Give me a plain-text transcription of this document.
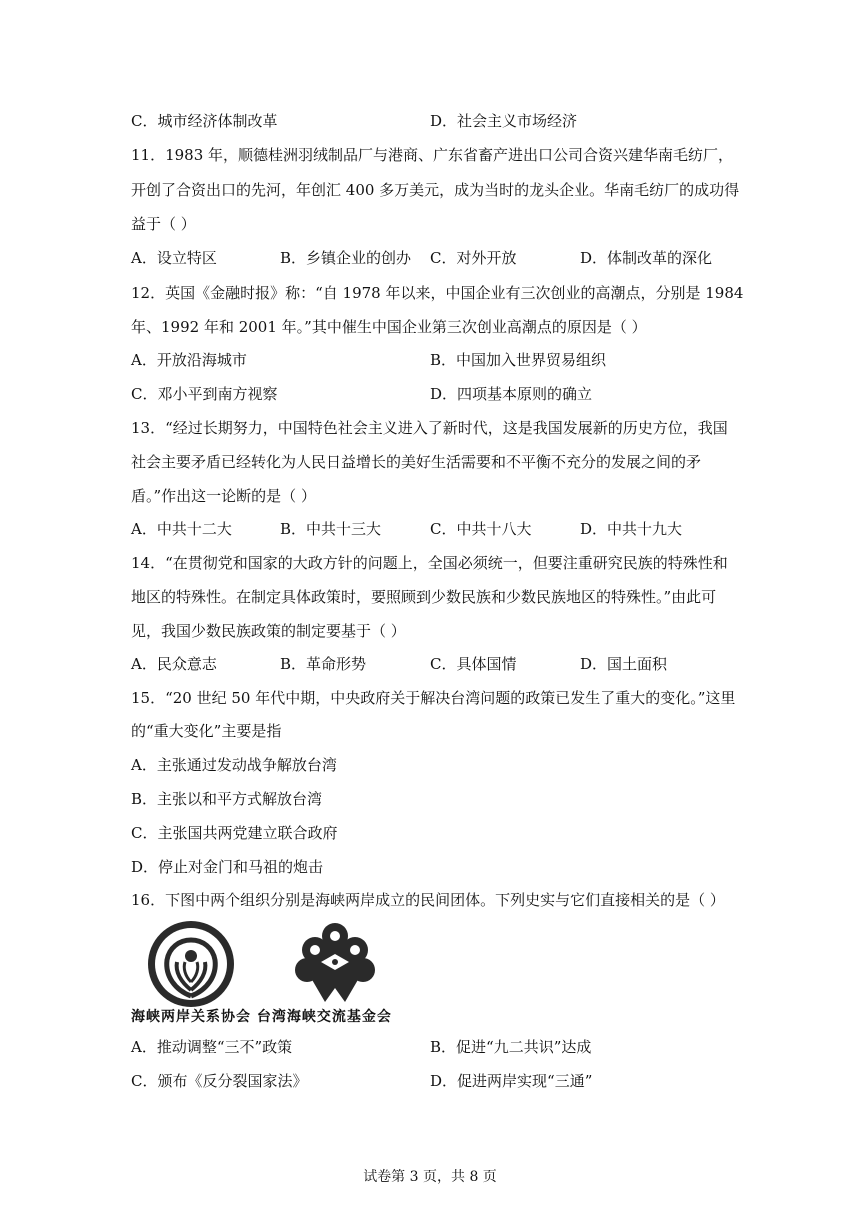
C．城市经济体制改革	D．社会主义市场经济
11．1983 年，顺德桂洲羽绒制品厂与港商、广东省畜产进出口公司合资兴建华南毛纺厂，
开创了合资出口的先河，年创汇 400 多万美元，成为当时的龙头企业。华南毛纺厂的成功得
益于（ ）
A．设立特区	B．乡镇企业的创办 C．对外开放	D．体制改革的深化
12．英国《金融时报》称：“自 1978 年以来，中国企业有三次创业的高潮点，分别是 1984
年、1992 年和 2001 年。”其中催生中国企业第三次创业高潮点的原因是（ ）
A．开放沿海城市	B．中国加入世界贸易组织
C．邓小平到南方视察	D．四项基本原则的确立
13．“经过长期努力，中国特色社会主义进入了新时代，这是我国发展新的历史方位，我国
社会主要矛盾已经转化为人民日益增长的美好生活需要和不平衡不充分的发展之间的矛
盾。”作出这一论断的是（ ）
A．中共十二大	B．中共十三大	C．中共十八大	D．中共十九大
14．“在贯彻党和国家的大政方针的问题上，全国必须统一，但要注重研究民族的特殊性和
地区的特殊性。在制定具体政策时，要照顾到少数民族和少数民族地区的特殊性。”由此可
见，我国少数民族政策的制定要基于（ ）
A．民众意志	B．革命形势	C．具体国情	D．国土面积
15．“20 世纪 50 年代中期，中央政府关于解决台湾问题的政策已发生了重大的变化。”这里
的“重大变化”主要是指
A．主张通过发动战争解放台湾
B．主张以和平方式解放台湾
C．主张国共两党建立联合政府
D．停止对金门和马祖的炮击
16．下图中两个组织分别是海峡两岸成立的民间团体。下列史实与它们直接相关的是（ ）
海峡两岸关系协会 台湾海峡交流基金会
A．推动调整“三不”政策	B．促进“九二共识”达成
C．颁布《反分裂国家法》	D．促进两岸实现“三通”
试卷第 3 页，共 8 页
